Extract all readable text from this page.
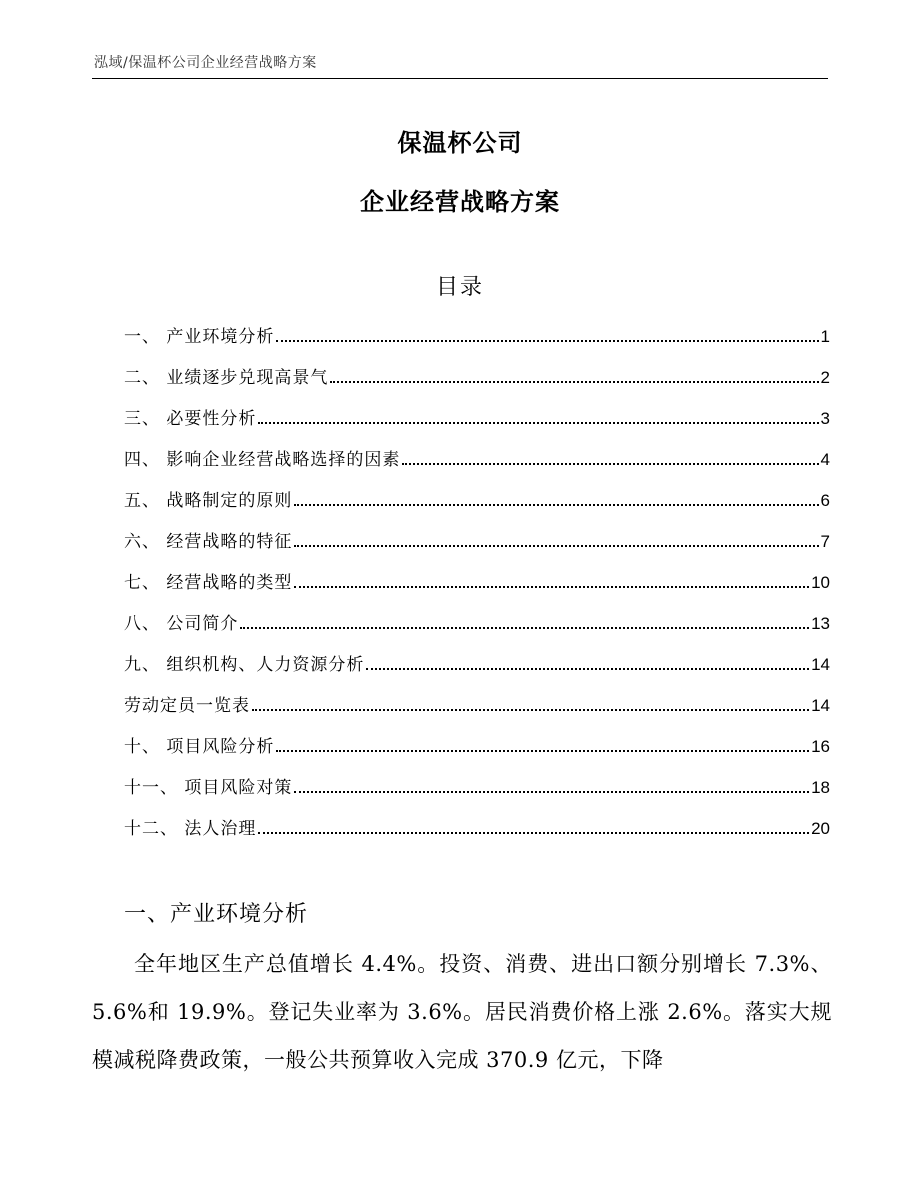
泓域/保温杯公司企业经营战略方案
保温杯公司
企业经营战略方案
目录
一、 产业环境分析	1
二、 业绩逐步兑现高景气	2
三、 必要性分析	3
四、 影响企业经营战略选择的因素	4
五、 战略制定的原则	6
六、 经营战略的特征	7
七、 经营战略的类型	10
八、 公司简介	13
九、 组织机构、人力资源分析	14
劳动定员一览表	14
十、 项目风险分析	16
十一、 项目风险对策	18
十二、 法人治理	20
一、产业环境分析
全年地区生产总值增长 4.4%。投资、消费、进出口额分别增长 7.3%、5.6%和 19.9%。登记失业率为 3.6%。居民消费价格上涨 2.6%。落实大规模减税降费政策，一般公共预算收入完成 370.9 亿元，下降
